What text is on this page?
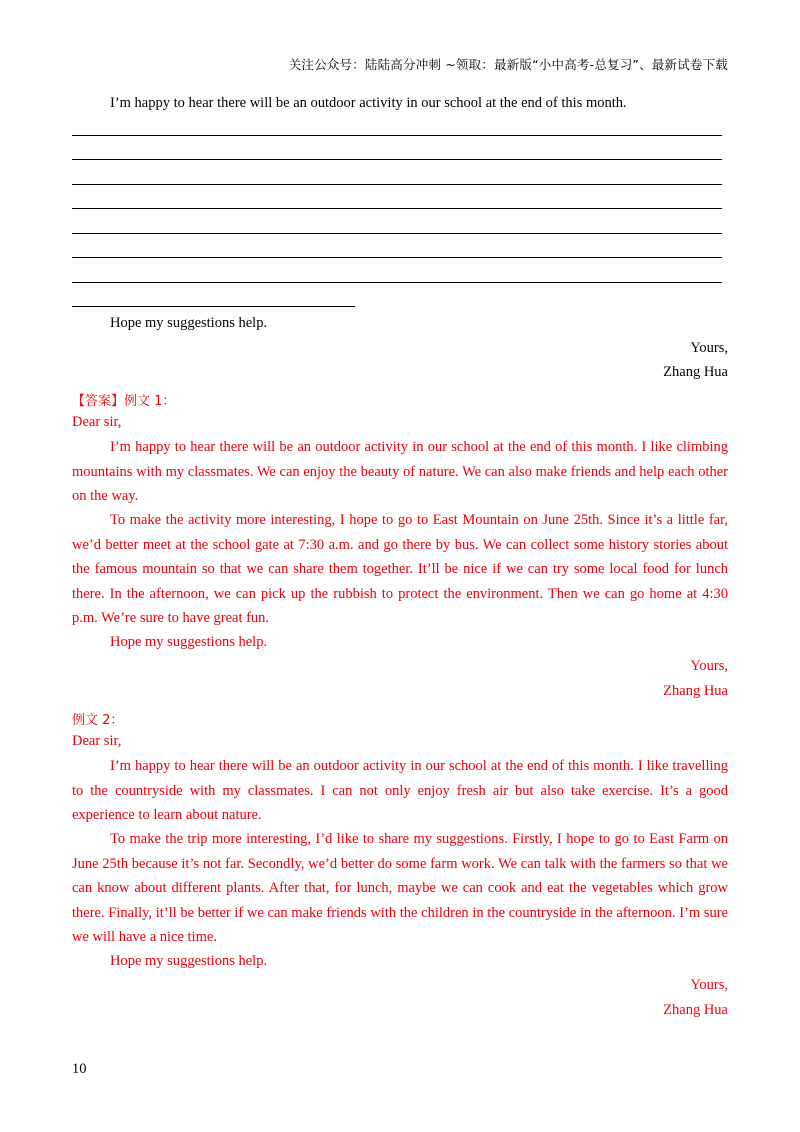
关注公众号：陆陆高分冲刺 ~领取：最新版“小中高考-总复习”、最新试卷下载
I’m happy to hear there will be an outdoor activity in our school at the end of this month.
Hope my suggestions help.
Yours,
Zhang Hua
【答案】例文 1：
Dear sir,
I’m happy to hear there will be an outdoor activity in our school at the end of this month. I like climbing mountains with my classmates. We can enjoy the beauty of nature. We can also make friends and help each other on the way.
To make the activity more interesting, I hope to go to East Mountain on June 25th. Since it’s a little far, we’d better meet at the school gate at 7:30 a.m. and go there by bus. We can collect some history stories about the famous mountain so that we can share them together. It’ll be nice if we can try some local food for lunch there. In the afternoon, we can pick up the rubbish to protect the environment. Then we can go home at 4:30 p.m. We’re sure to have great fun.
Hope my suggestions help.
Yours,
Zhang Hua
例文 2：
Dear sir,
I’m happy to hear there will be an outdoor activity in our school at the end of this month. I like travelling to the countryside with my classmates. I can not only enjoy fresh air but also take exercise. It’s a good experience to learn about nature.
To make the trip more interesting, I’d like to share my suggestions. Firstly, I hope to go to East Farm on June 25th because it’s not far. Secondly, we’d better do some farm work. We can talk with the farmers so that we can know about different plants. After that, for lunch, maybe we can cook and eat the vegetables which grow there. Finally, it’ll be better if we can make friends with the children in the countryside in the afternoon. I’m sure we will have a nice time.
Hope my suggestions help.
Yours,
Zhang Hua
10
